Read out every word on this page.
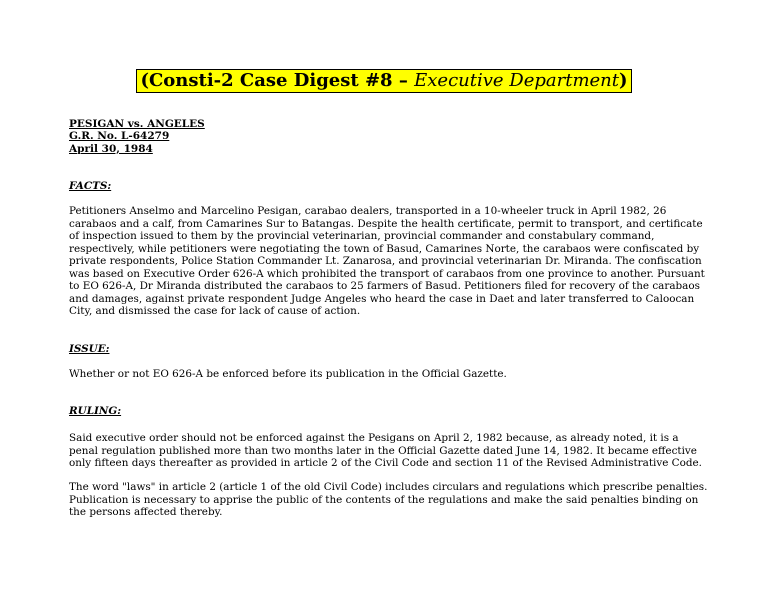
(Consti-2 Case Digest #8 – Executive Department)
PESIGAN vs. ANGELES
G.R. No. L-64279
April 30, 1984
FACTS:

Petitioners Anselmo and Marcelino Pesigan, carabao dealers, transported in a 10-wheeler truck in April 1982, 26 carabaos and a calf, from Camarines Sur to Batangas. Despite the health certificate, permit to transport, and certificate of inspection issued to them by the provincial veterinarian, provincial commander and constabulary command, respectively, while petitioners were negotiating the town of Basud, Camarines Norte, the carabaos were confiscated by private respondents, Police Station Commander Lt. Zanarosa, and provincial veterinarian Dr. Miranda. The confiscation was based on Executive Order 626-A which prohibited the transport of carabaos from one province to another. Pursuant to EO 626-A, Dr Miranda distributed the carabaos to 25 farmers of Basud. Petitioners filed for recovery of the carabaos and damages, against private respondent Judge Angeles who heard the case in Daet and later transferred to Caloocan City, and dismissed the case for lack of cause of action.

ISSUE:

Whether or not EO 626-A be enforced before its publication in the Official Gazette.

RULING:

Said executive order should not be enforced against the Pesigans on April 2, 1982 because, as already noted, it is a penal regulation published more than two months later in the Official Gazette dated June 14, 1982. It became effective only fifteen days thereafter as provided in article 2 of the Civil Code and section 11 of the Revised Administrative Code.

The word "laws" in article 2 (article 1 of the old Civil Code) includes circulars and regulations which prescribe penalties. Publication is necessary to apprise the public of the contents of the regulations and make the said penalties binding on the persons affected thereby.
